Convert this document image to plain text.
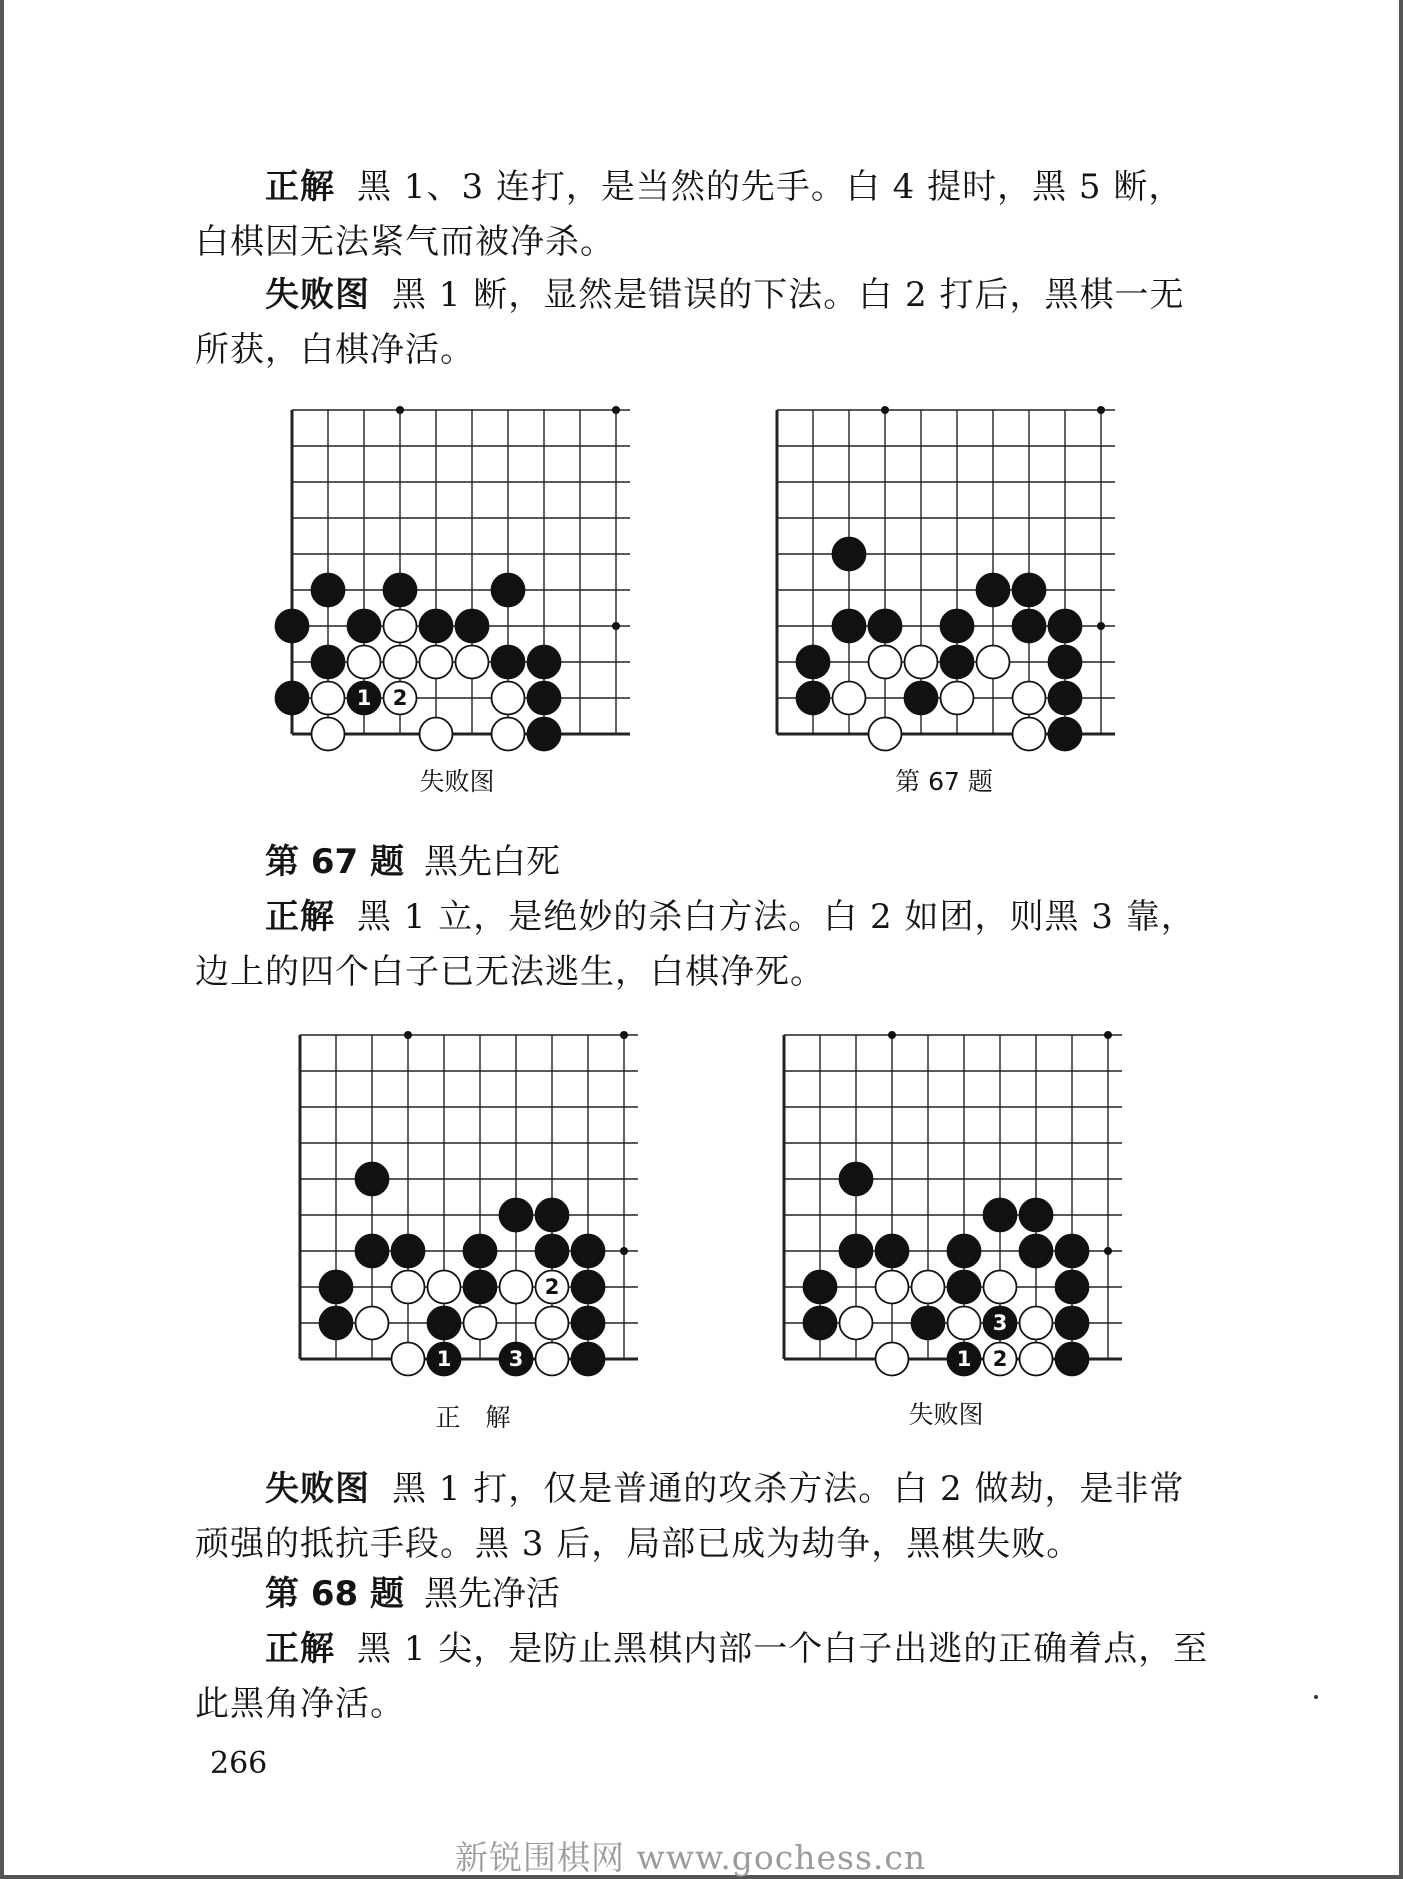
正解 黑 1、3 连打，是当然的先手。白 4 提时，黑 5 断，白棋因无法紧气而被净杀。

失败图 黑 1 断，显然是错误的下法。白 2 打后，黑棋一无所获，白棋净活。

1 2
失败图	第 67 题
第 67 题 黑先白死

正解 黑 1 立，是绝妙的杀白方法。白 2 如团，则黑 3 靠，边上的四个白子已无法逃生，白棋净死。

2
1	3
3
1 2
正　解	失败图

失败图 黑 1 打，仅是普通的攻杀方法。白 2 做劫，是非常顽强的抵抗手段。黑 3 后，局部已成为劫争，黑棋失败。

第 68 题 黑先净活

正解 黑 1 尖，是防止黑棋内部一个白子出逃的正确着点，至此黑角净活。

266
新锐围棋网 www.gochess.cn
